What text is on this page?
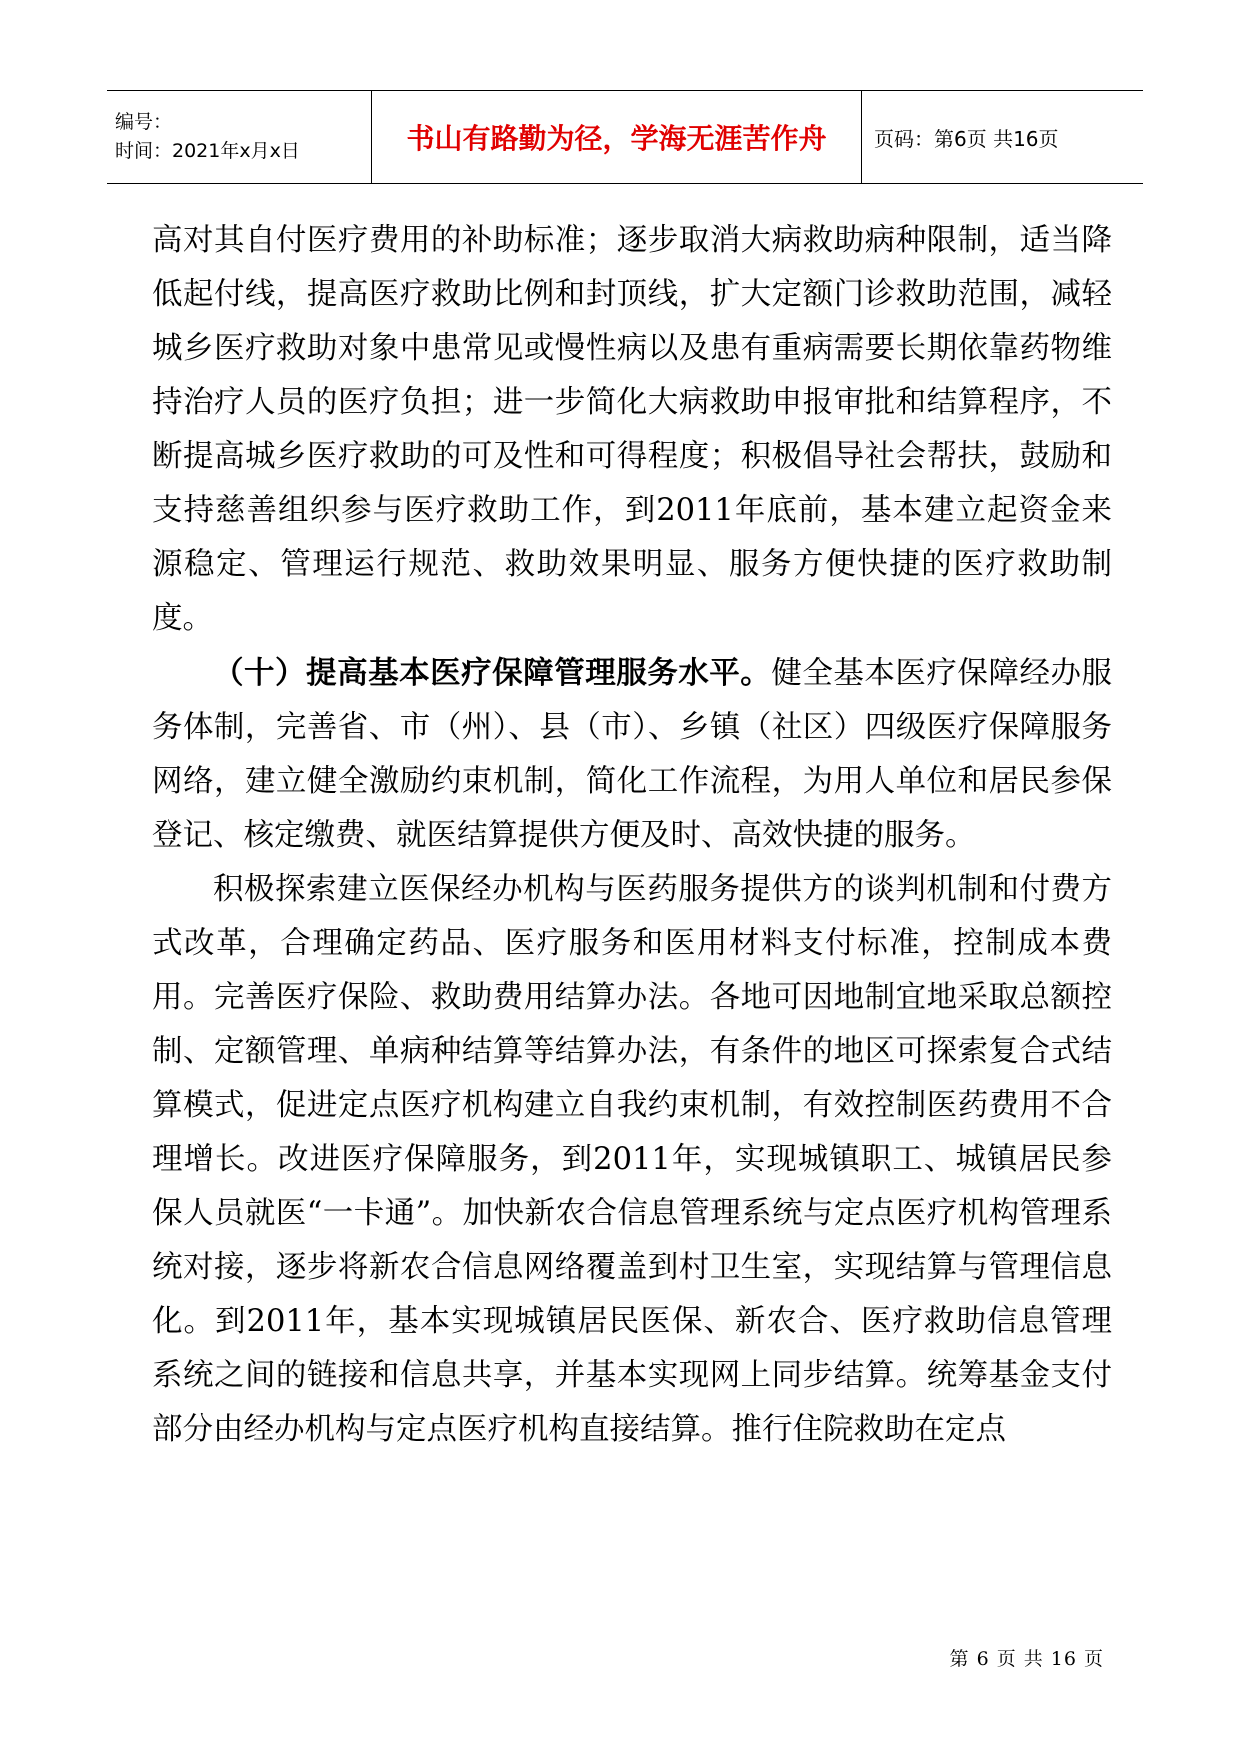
编号：
时间：2021年x月x日	书山有路勤为径，学海无涯苦作舟 页码：第6页 共16页

高对其自付医疗费用的补助标准；逐步取消大病救助病种限制，适当降低起付线，提高医疗救助比例和封顶线，扩大定额门诊救助范围，减轻城乡医疗救助对象中患常见或慢性病以及患有重病需要长期依靠药物维持治疗人员的医疗负担；进一步简化大病救助申报审批和结算程序，不断提高城乡医疗救助的可及性和可得程度；积极倡导社会帮扶，鼓励和支持慈善组织参与医疗救助工作，到2011年底前，基本建立起资金来源稳定、管理运行规范、救助效果明显、服务方便快捷的医疗救助制度。

（十）提高基本医疗保障管理服务水平。健全基本医疗保障经办服务体制，完善省、市（州）、县（市）、乡镇（社区）四级医疗保障服务网络，建立健全激励约束机制，简化工作流程，为用人单位和居民参保登记、核定缴费、就医结算提供方便及时、高效快捷的服务。

积极探索建立医保经办机构与医药服务提供方的谈判机制和付费方式改革，合理确定药品、医疗服务和医用材料支付标准，控制成本费用。完善医疗保险、救助费用结算办法。各地可因地制宜地采取总额控制、定额管理、单病种结算等结算办法，有条件的地区可探索复合式结算模式，促进定点医疗机构建立自我约束机制，有效控制医药费用不合理增长。改进医疗保障服务，到2011年，实现城镇职工、城镇居民参保人员就医“一卡通”。加快新农合信息管理系统与定点医疗机构管理系统对接，逐步将新农合信息网络覆盖到村卫生室，实现结算与管理信息化。到2011年，基本实现城镇居民医保、新农合、医疗救助信息管理系统之间的链接和信息共享，并基本实现网上同步结算。统筹基金支付部分由经办机构与定点医疗机构直接结算。推行住院救助在定点

第 6 页 共 16 页
